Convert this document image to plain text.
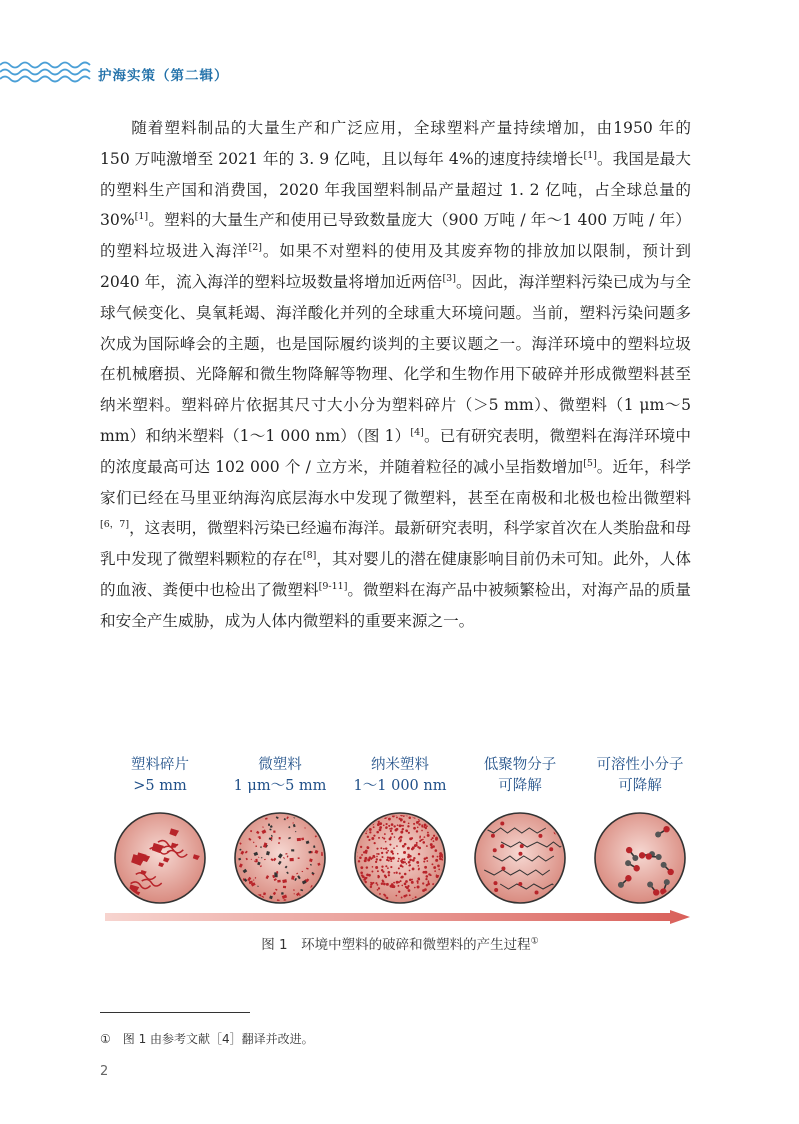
护海实策（第二辑）

随着塑料制品的大量生产和广泛应用，全球塑料产量持续增加，由1950 年的 150 万吨激增至 2021 年的 3. 9 亿吨，且以每年 4%的速度持续增长[1]。我国是最大的塑料生产国和消费国，2020 年我国塑料制品产量超过 1. 2 亿吨，占全球总量的 30%[1]。塑料的大量生产和使用已导致数量庞大（900 万吨 / 年～1 400 万吨 / 年）的塑料垃圾进入海洋[2]。如果不对塑料的使用及其废弃物的排放加以限制，预计到 2040 年，流入海洋的塑料垃圾数量将增加近两倍[3]。因此，海洋塑料污染已成为与全球气候变化、臭氧耗竭、海洋酸化并列的全球重大环境问题。当前，塑料污染问题多次成为国际峰会的主题，也是国际履约谈判的主要议题之一。海洋环境中的塑料垃圾在机械磨损、光降解和微生物降解等物理、化学和生物作用下破碎并形成微塑料甚至纳米塑料。塑料碎片依据其尺寸大小分为塑料碎片（＞5 mm）、微塑料（1 μm～5 mm）和纳米塑料（1～1 000 nm）（图 1）[4]。已有研究表明，微塑料在海洋环境中的浓度最高可达 102 000 个 / 立方米，并随着粒径的减小呈指数增加[5]。近年，科学家们已经在马里亚纳海沟底层海水中发现了微塑料，甚至在南极和北极也检出微塑料[6，7]，这表明，微塑料污染已经遍布海洋。最新研究表明，科学家首次在人类胎盘和母乳中发现了微塑料颗粒的存在[8]，其对婴儿的潜在健康影响目前仍未可知。此外，人体的血液、粪便中也检出了微塑料[9-11]。微塑料在海产品中被频繁检出，对海产品的质量和安全产生威胁，成为人体内微塑料的重要来源之一。

塑料碎片
>5 mm
微塑料
1 μm～5 mm
纳米塑料
1～1 000 nm
低聚物分子
可降解
可溶性小分子
可降解
图 1　环境中塑料的破碎和微塑料的产生过程①
①　 图 1 由参考文献［4］翻译并改进。
2
